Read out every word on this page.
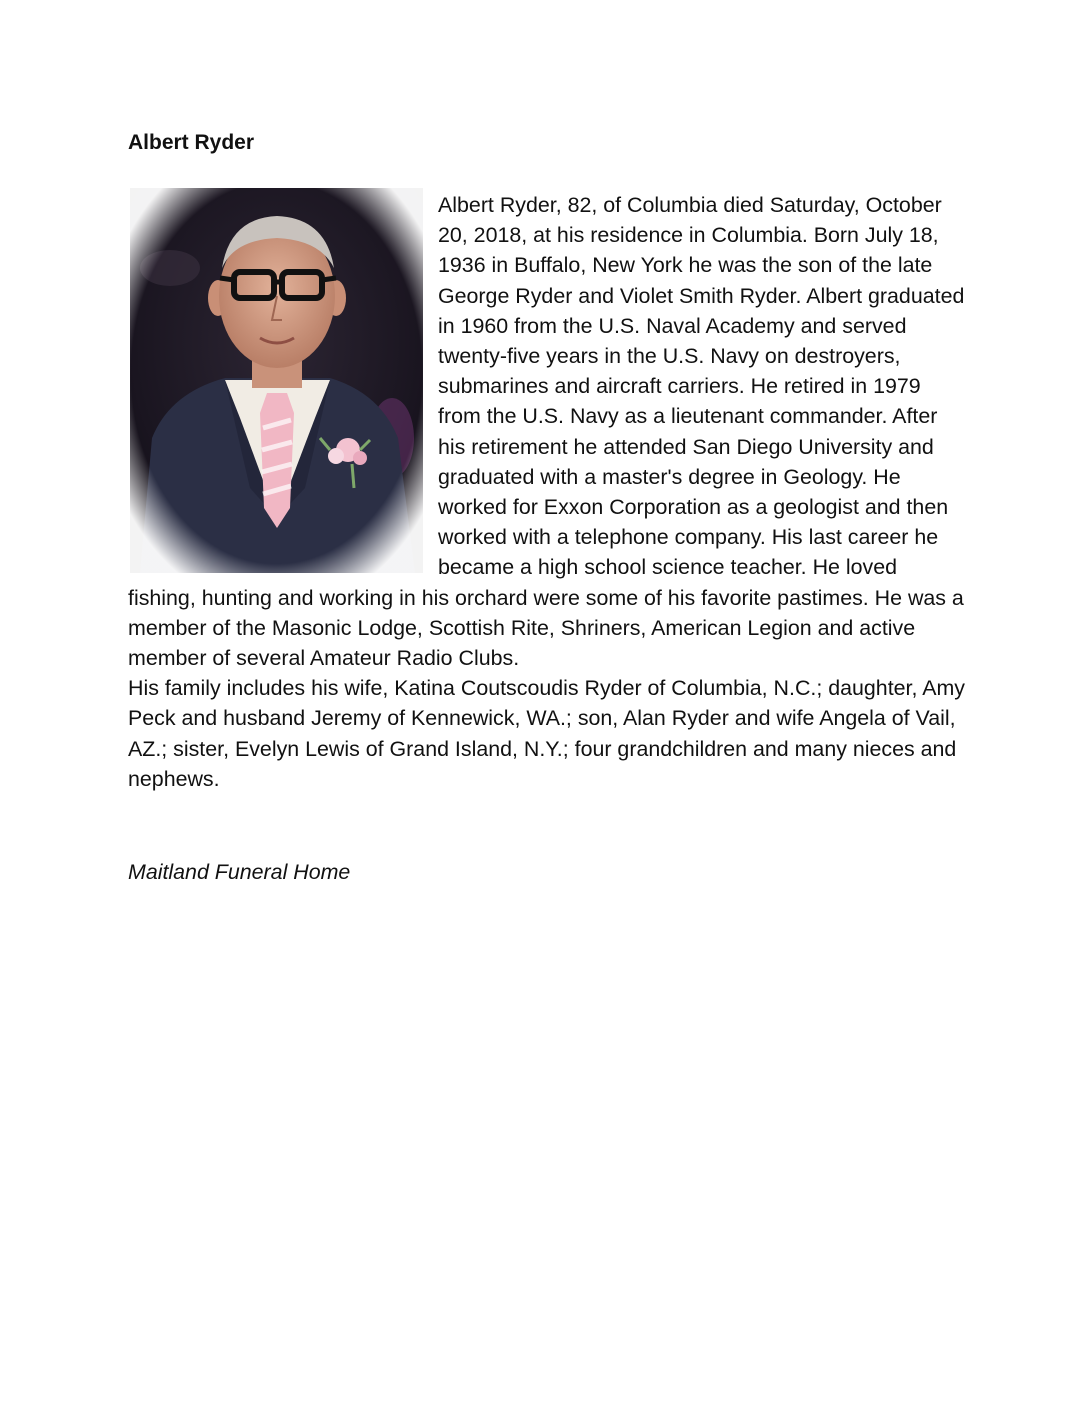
Albert Ryder

Albert Ryder, 82, of Columbia died Saturday, October 20, 2018, at his residence in Columbia. Born July 18, 1936 in Buffalo, New York he was the son of the late George Ryder and Violet Smith Ryder. Albert graduated in 1960 from the U.S. Naval Academy and served twenty-five years in the U.S. Navy on destroyers, submarines and aircraft carriers. He retired in 1979 from the U.S. Navy as a lieutenant commander. After his retirement he attended San Diego University and graduated with a master's degree in Geology. He worked for Exxon Corporation as a geologist and then worked with a telephone company. His last career he became a high school science teacher. He loved fishing, hunting and working in his orchard were some of his favorite pastimes. He was a member of the Masonic Lodge, Scottish Rite, Shriners, American Legion and active member of several Amateur Radio Clubs.

His family includes his wife, Katina Coutscoudis Ryder of Columbia, N.C.; daughter, Amy Peck and husband Jeremy of Kennewick, WA.; son, Alan Ryder and wife Angela of Vail, AZ.; sister, Evelyn Lewis of Grand Island, N.Y.; four grandchildren and many nieces and nephews.

Maitland Funeral Home
